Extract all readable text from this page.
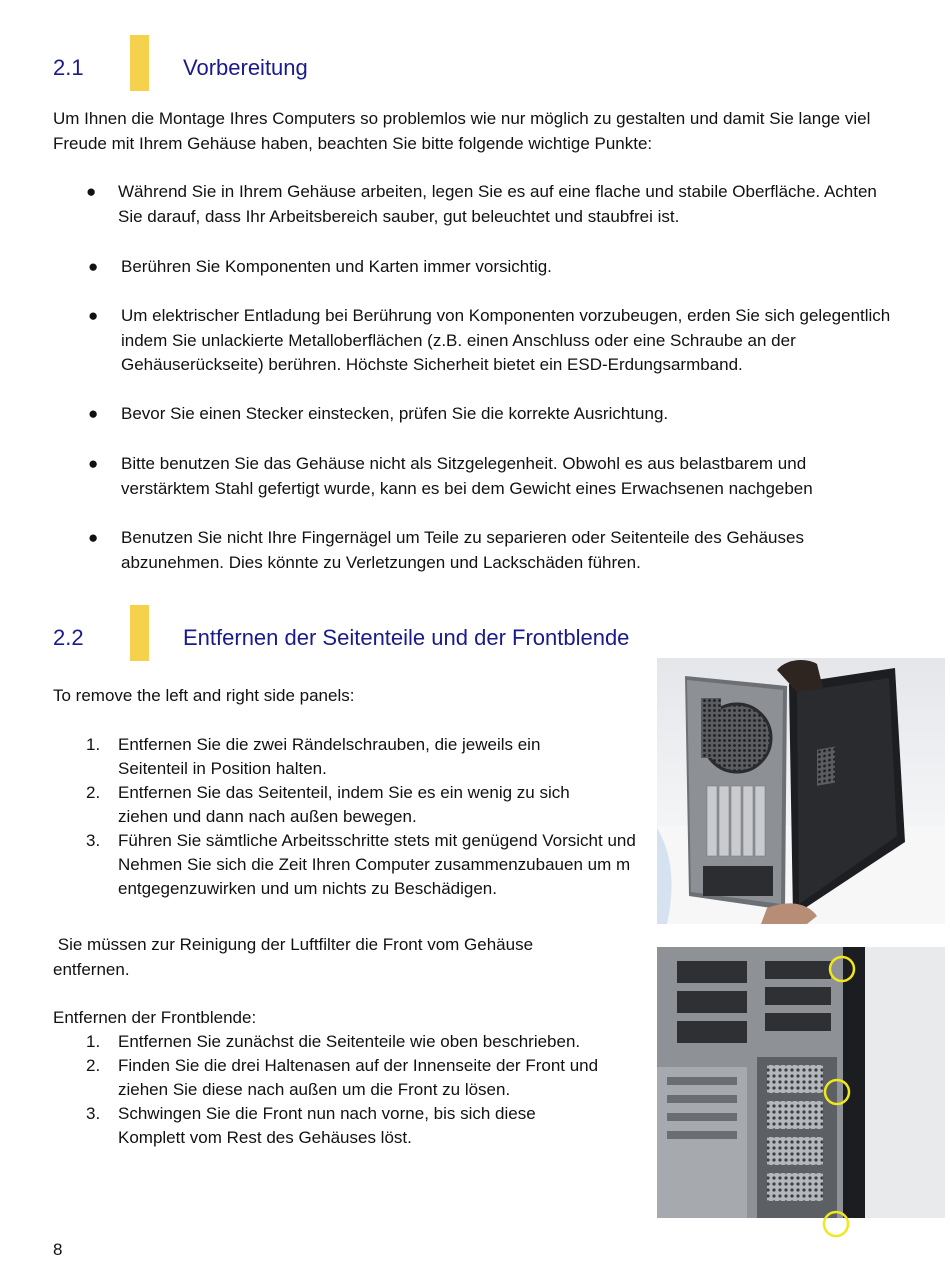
2.1	Vorbereitung
Um Ihnen die Montage Ihres Computers so problemlos wie nur möglich zu gestalten und damit Sie lange viel Freude mit Ihrem Gehäuse haben, beachten Sie bitte folgende wichtige Punkte:
● Während Sie in Ihrem Gehäuse arbeiten, legen Sie es auf eine flache und stabile Oberfläche. Achten Sie darauf, dass Ihr Arbeitsbereich sauber, gut beleuchtet und staubfrei ist.
● Berühren Sie Komponenten und Karten immer vorsichtig.
● Um elektrischer Entladung bei Berührung von Komponenten vorzubeugen, erden Sie sich gelegentlich indem Sie unlackierte Metalloberflächen (z.B. einen Anschluss oder eine Schraube an der Gehäuserückseite) berühren. Höchste Sicherheit bietet ein ESD-Erdungsarmband.
● Bevor Sie einen Stecker einstecken, prüfen Sie die korrekte Ausrichtung.
● Bitte benutzen Sie das Gehäuse nicht als Sitzgelegenheit. Obwohl es aus belastbarem und verstärktem Stahl gefertigt wurde, kann es bei dem Gewicht eines Erwachsenen nachgeben
● Benutzen Sie nicht Ihre Fingernägel um Teile zu separieren oder Seitenteile des Gehäuses abzunehmen. Dies könnte zu Verletzungen und Lackschäden führen.
2.2	Entfernen der Seitenteile und der Frontblende
To remove the left and right side panels:
1. Entfernen Sie die zwei Rändelschrauben, die jeweils ein
Seitenteil in Position halten.
2. Entfernen Sie das Seitenteil, indem Sie es ein wenig zu sich
ziehen und dann nach außen bewegen.
3. Führen Sie sämtliche Arbeitsschritte stets mit genügend Vorsicht und
Nehmen Sie sich die Zeit Ihren Computer zusammenzubauen um m
entgegenzuwirken und um nichts zu Beschädigen.
Sie müssen zur Reinigung der Luftfilter die Front vom Gehäuse entfernen.
Entfernen der Frontblende:
1. Entfernen Sie zunächst die Seitenteile wie oben beschrieben.
2. Finden Sie die drei Haltenasen auf der Innenseite der Front und
ziehen Sie diese nach außen um die Front zu lösen.
3. Schwingen Sie die Front nun nach vorne, bis sich diese
Komplett vom Rest des Gehäuses löst.
8
